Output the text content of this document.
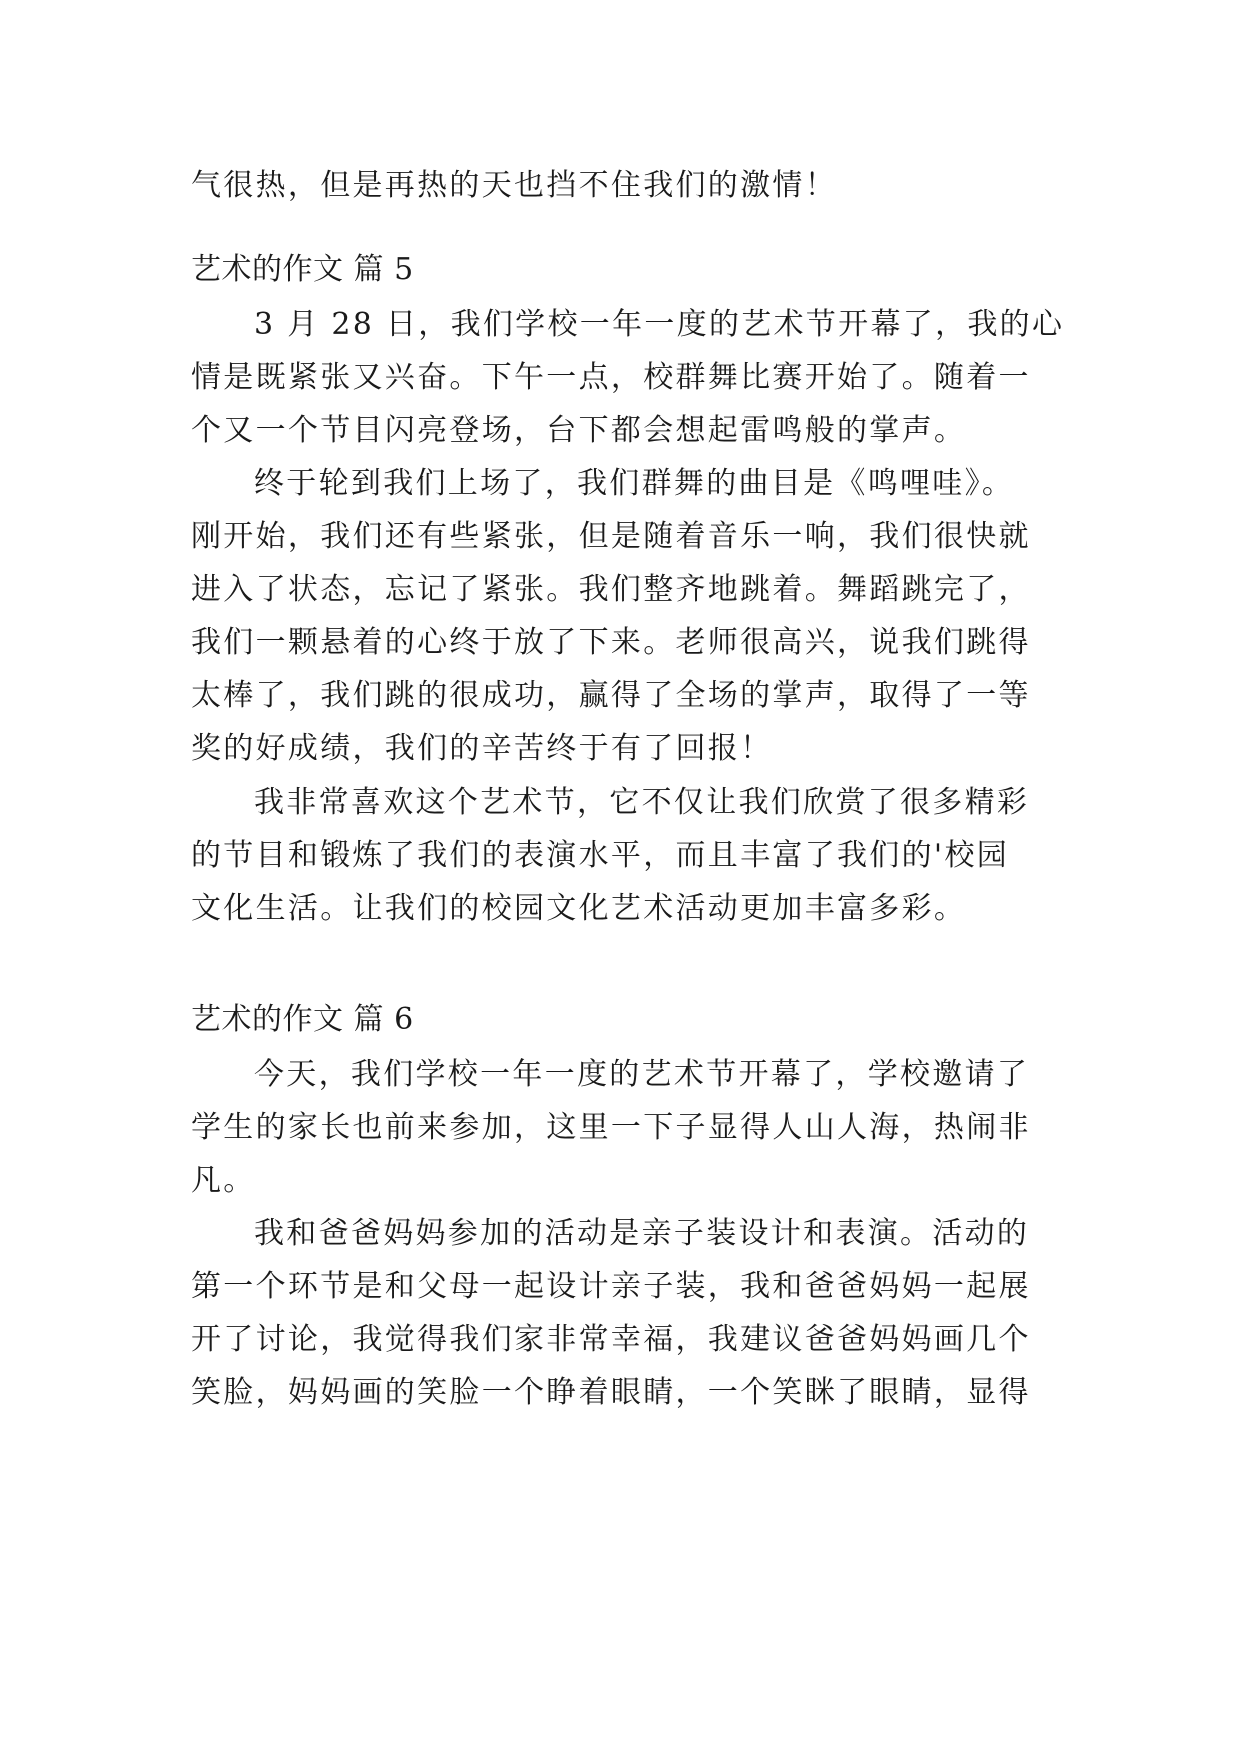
气很热，但是再热的天也挡不住我们的激情！
艺术的作文 篇 5
3 月 28 日，我们学校一年一度的艺术节开幕了，我的心
情是既紧张又兴奋。下午一点，校群舞比赛开始了。随着一
个又一个节目闪亮登场，台下都会想起雷鸣般的掌声。
终于轮到我们上场了，我们群舞的曲目是《鸣哩哇》。
刚开始，我们还有些紧张，但是随着音乐一响，我们很快就
进入了状态，忘记了紧张。我们整齐地跳着。舞蹈跳完了，
我们一颗悬着的心终于放了下来。老师很高兴，说我们跳得
太棒了，我们跳的很成功，赢得了全场的掌声，取得了一等
奖的好成绩，我们的辛苦终于有了回报！
我非常喜欢这个艺术节，它不仅让我们欣赏了很多精彩
的节目和锻炼了我们的表演水平，而且丰富了我们的'校园
文化生活。让我们的校园文化艺术活动更加丰富多彩。
艺术的作文 篇 6
今天，我们学校一年一度的艺术节开幕了，学校邀请了
学生的家长也前来参加，这里一下子显得人山人海，热闹非
凡。
我和爸爸妈妈参加的活动是亲子装设计和表演。活动的
第一个环节是和父母一起设计亲子装，我和爸爸妈妈一起展
开了讨论，我觉得我们家非常幸福，我建议爸爸妈妈画几个
笑脸，妈妈画的笑脸一个睁着眼睛，一个笑眯了眼睛，显得
